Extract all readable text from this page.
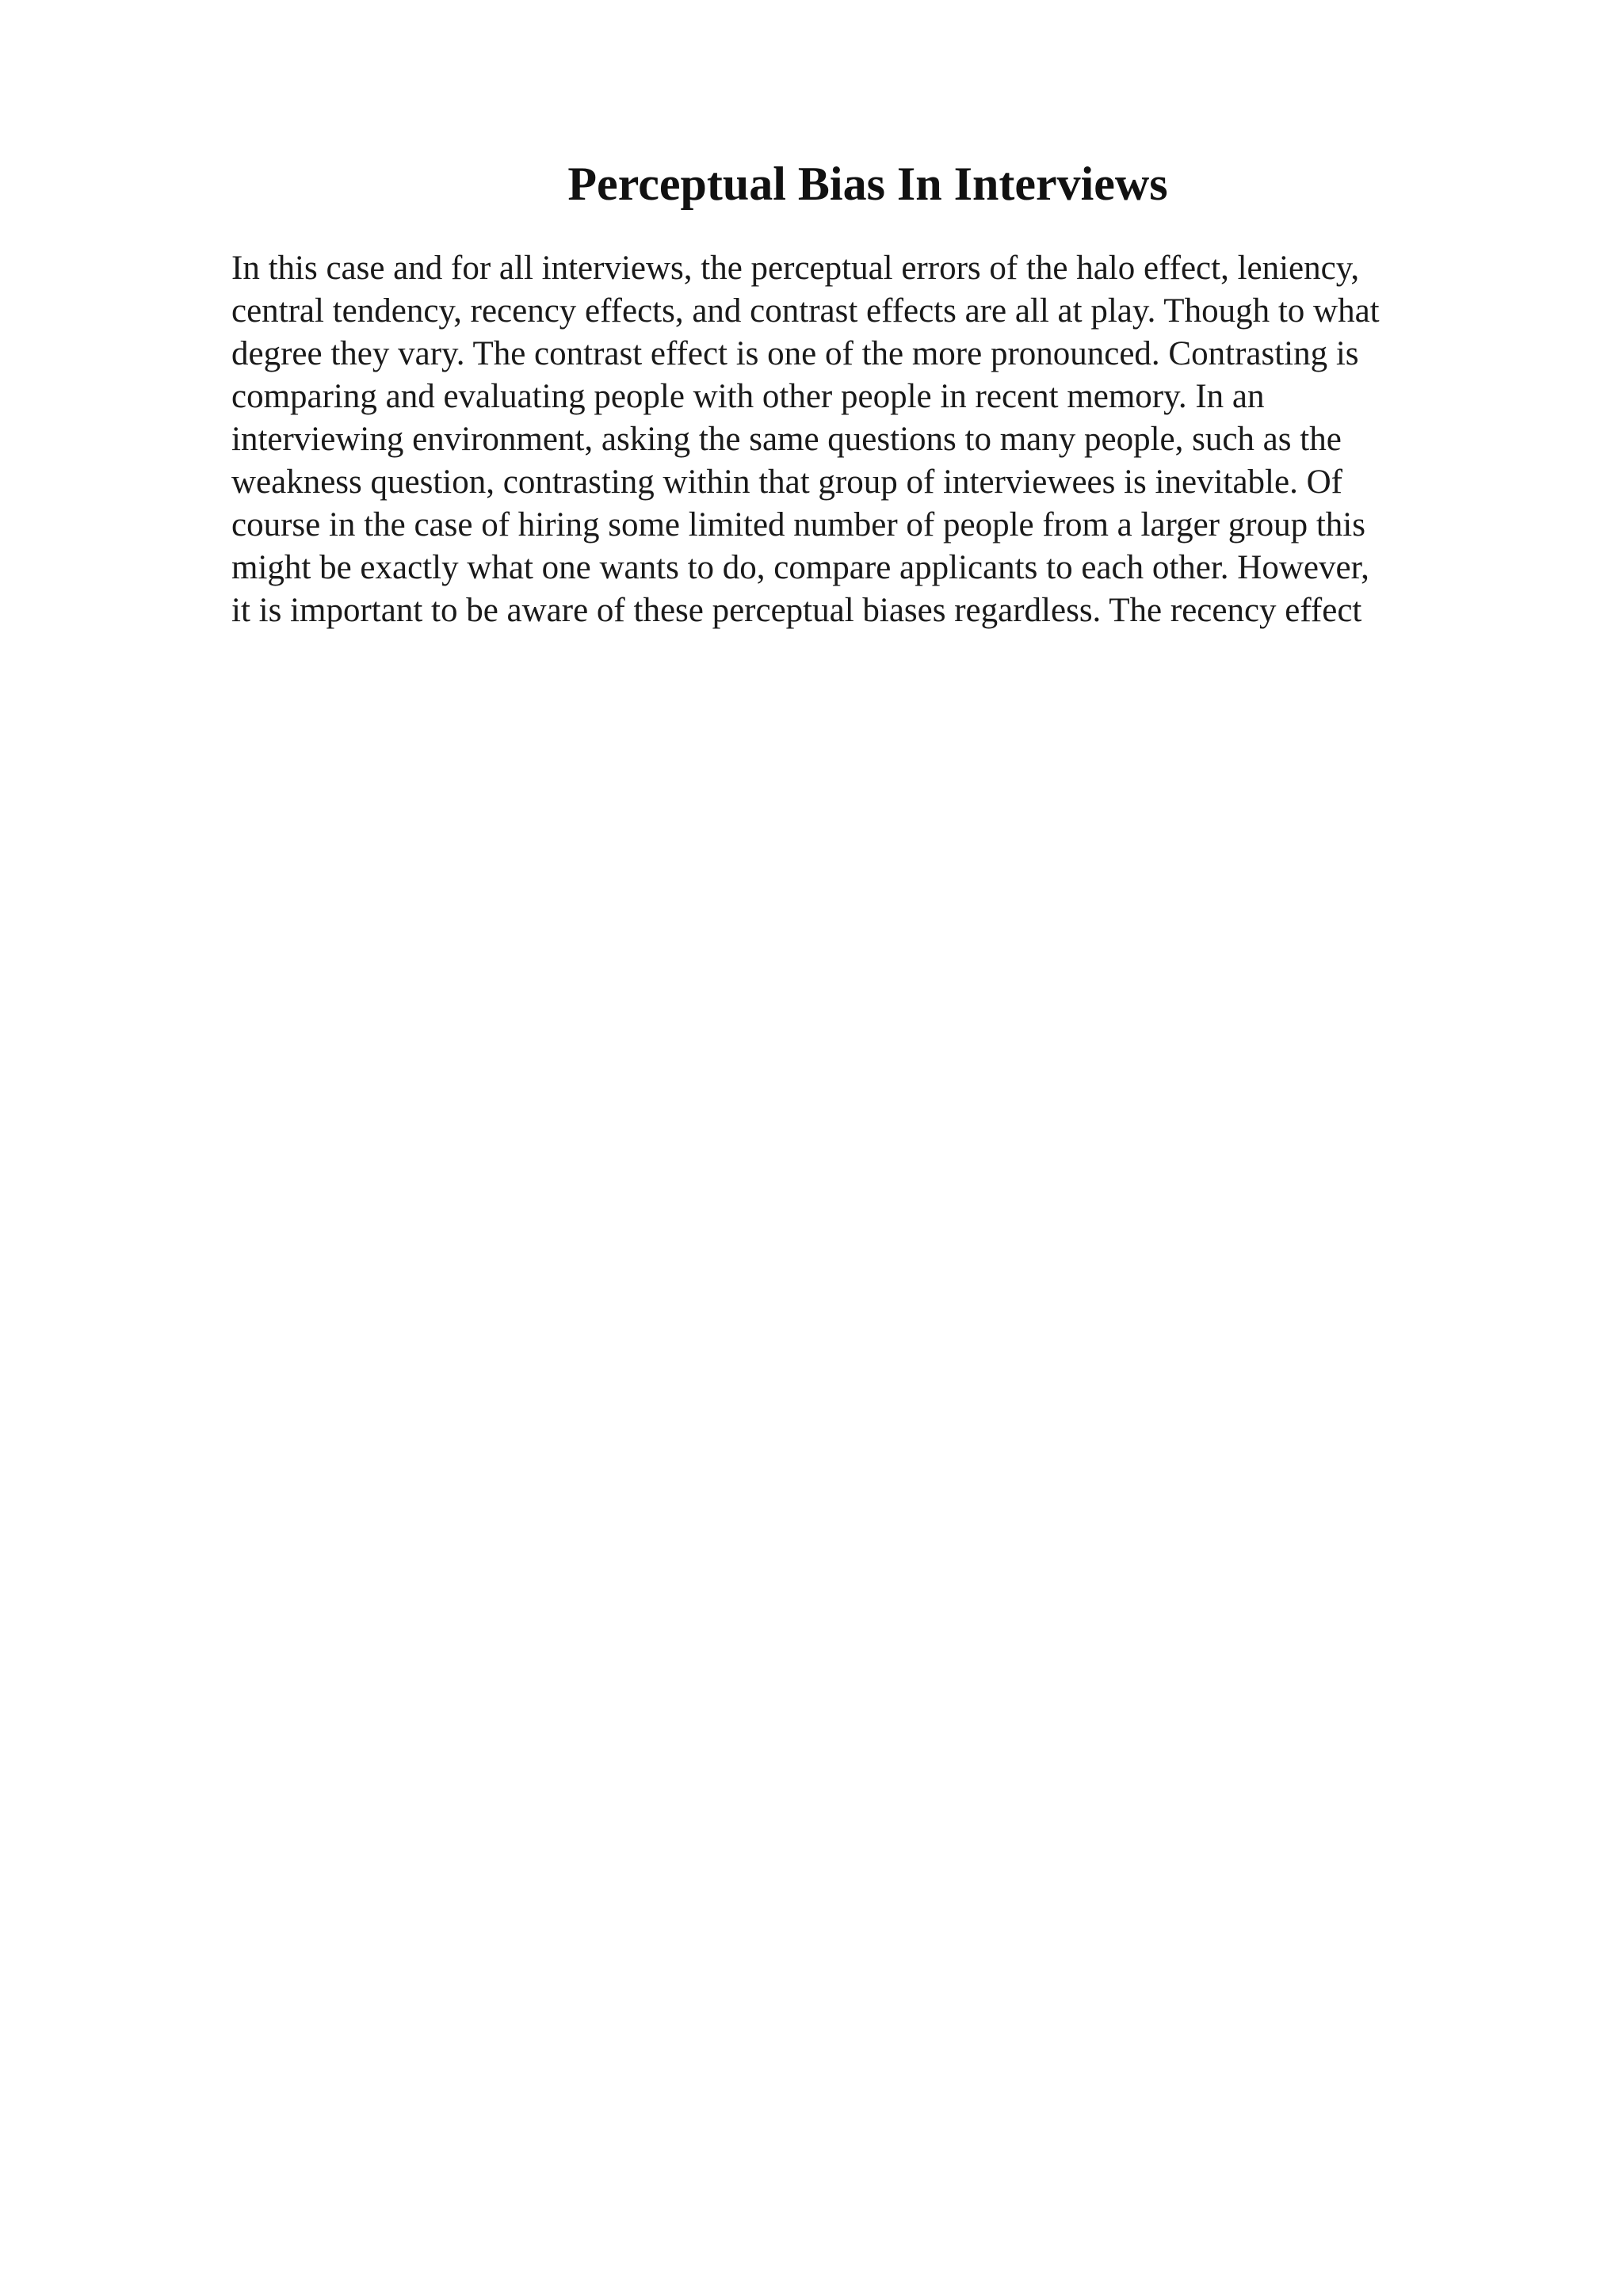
Perceptual Bias In Interviews
In this case and for all interviews, the perceptual errors of the halo effect, leniency,
central tendency, recency effects, and contrast effects are all at play. Though to what
degree they vary. The contrast effect is one of the more pronounced. Contrasting is
comparing and evaluating people with other people in recent memory. In an
interviewing environment, asking the same questions to many people, such as the
weakness question, contrasting within that group of interviewees is inevitable. Of
course in the case of hiring some limited number of people from a larger group this
might be exactly what one wants to do, compare applicants to each other. However,
it is important to be aware of these perceptual biases regardless. The recency effect
